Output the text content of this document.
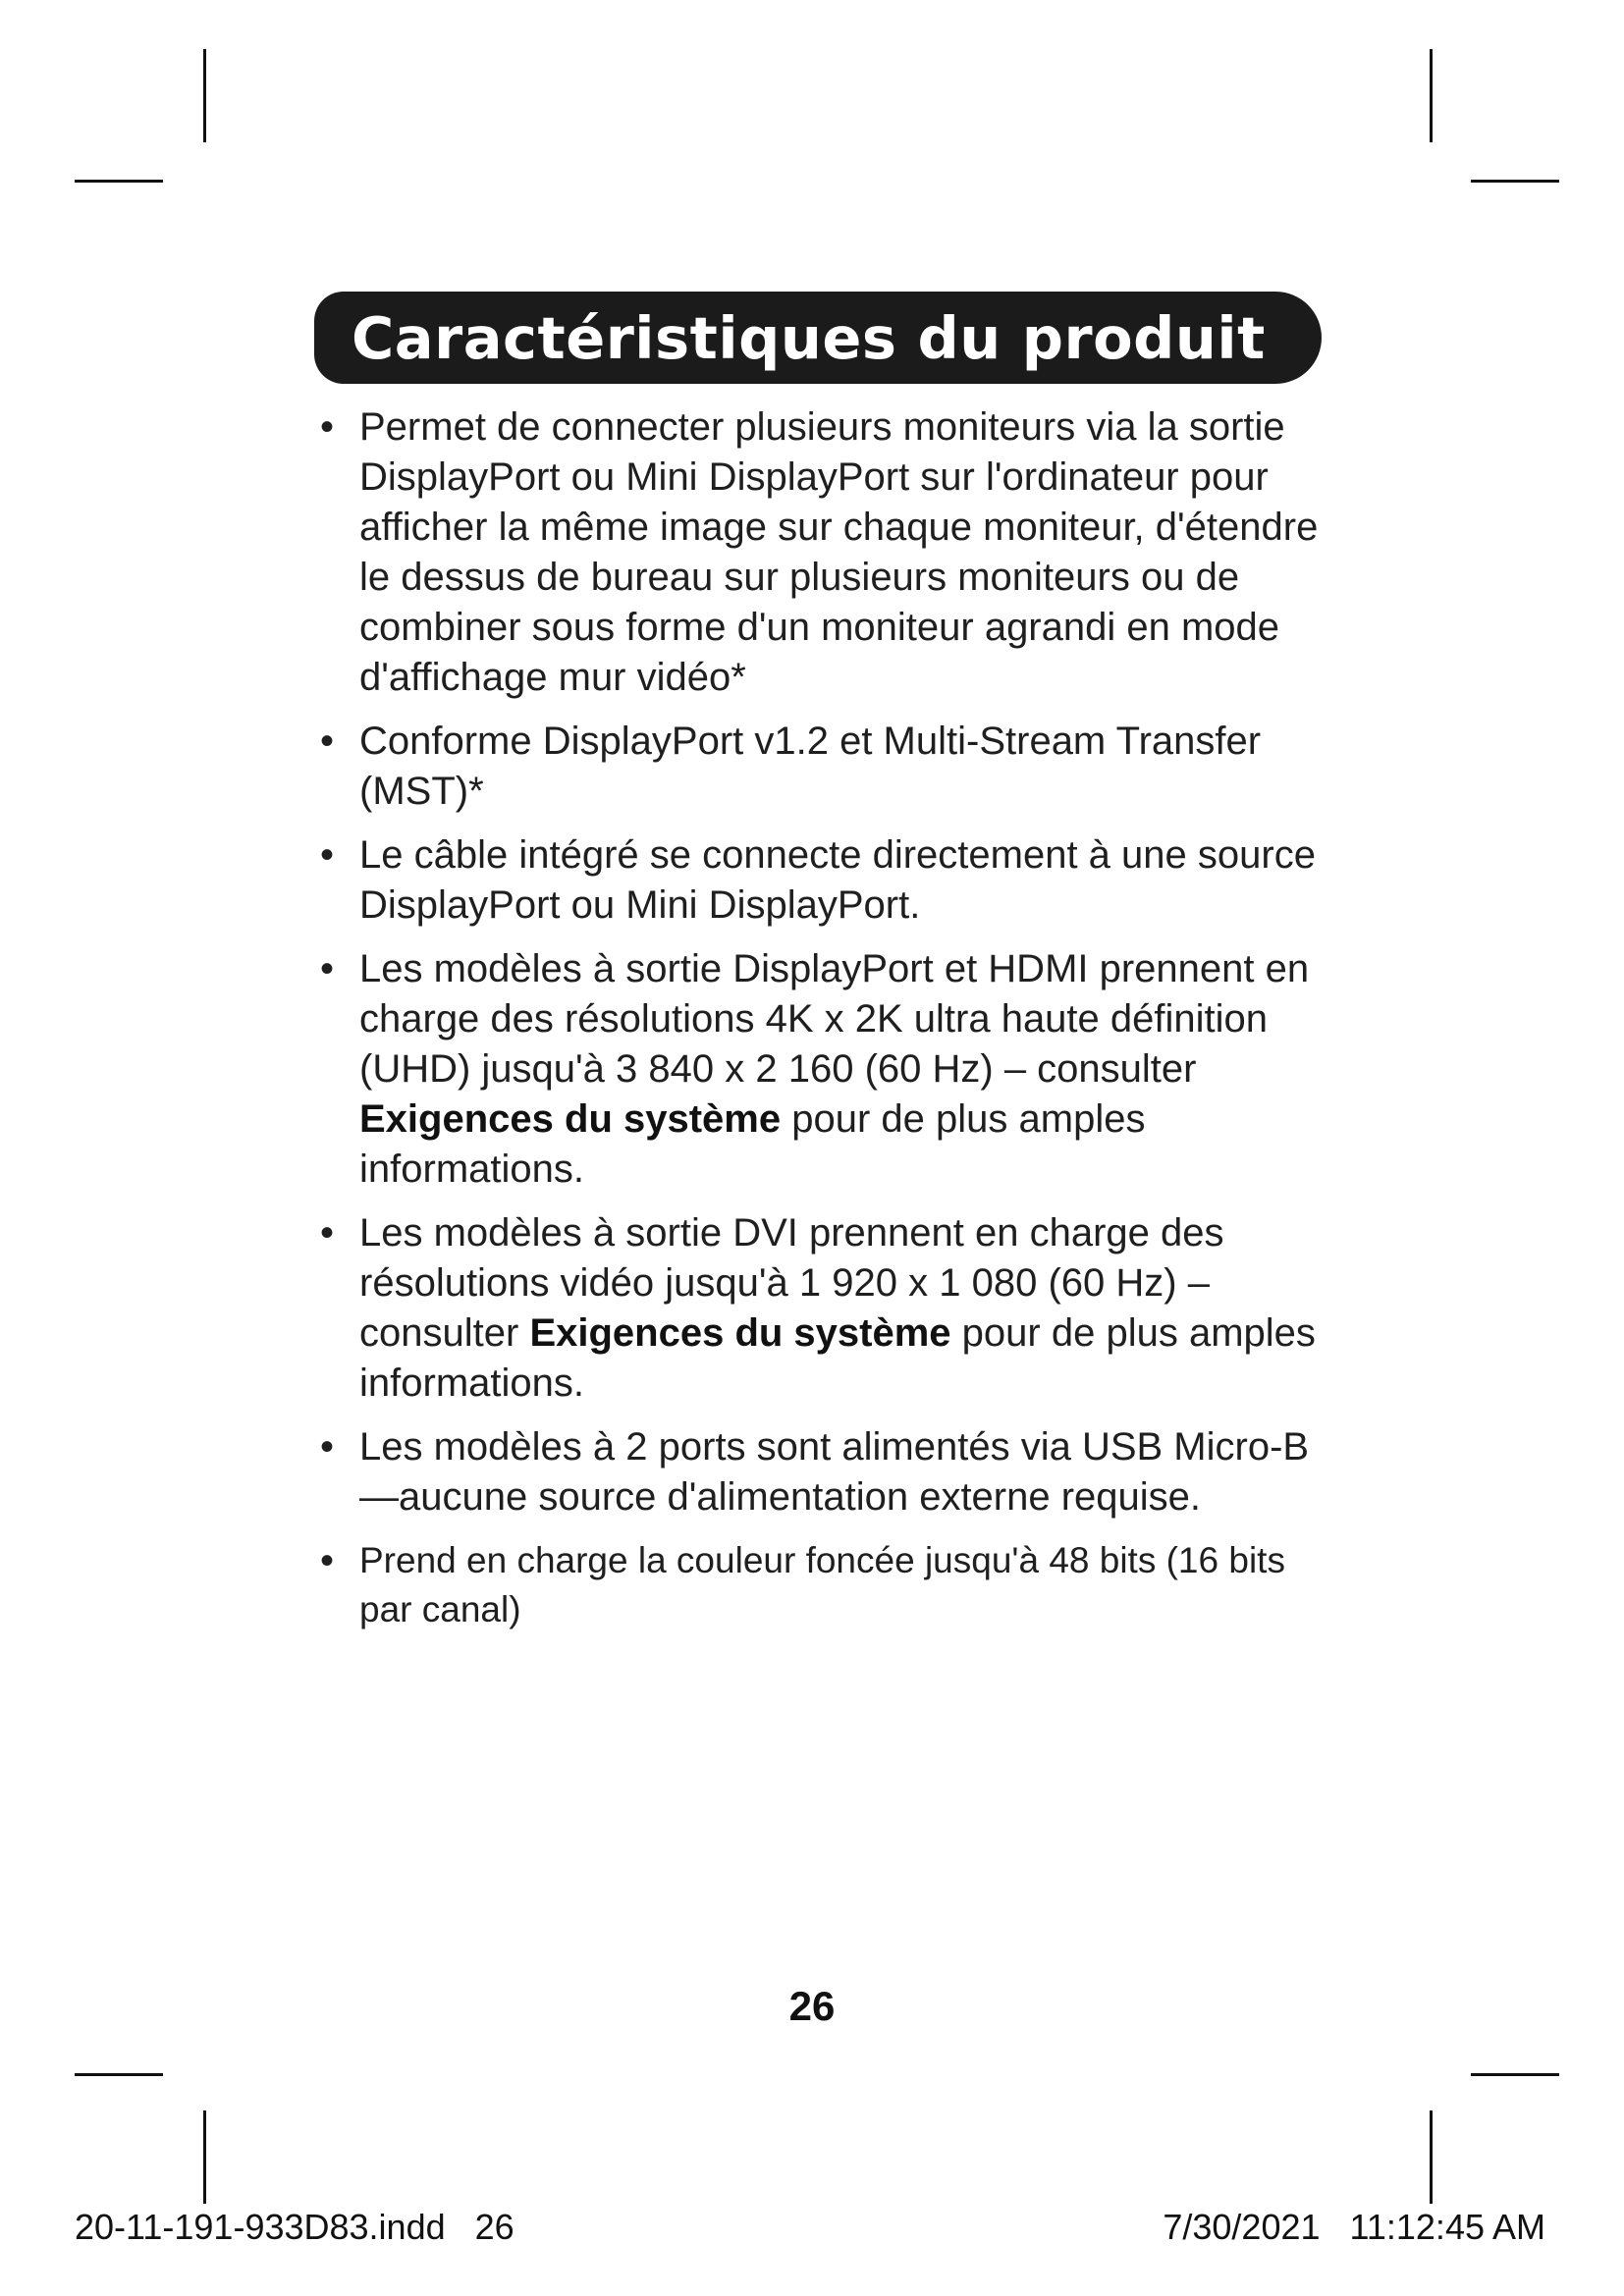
Caractéristiques du produit
• Permet de connecter plusieurs moniteurs via la sortie DisplayPort ou Mini DisplayPort sur l'ordinateur pour afficher la même image sur chaque moniteur, d'étendre le dessus de bureau sur plusieurs moniteurs ou de combiner sous forme d'un moniteur agrandi en mode d'affichage mur vidéo*
• Conforme DisplayPort v1.2 et Multi-Stream Transfer (MST)*
• Le câble intégré se connecte directement à une source DisplayPort ou Mini DisplayPort.
• Les modèles à sortie DisplayPort et HDMI prennent en charge des résolutions 4K x 2K ultra haute définition (UHD) jusqu'à 3 840 x 2 160 (60 Hz) – consulter Exigences du système pour de plus amples informations.
• Les modèles à sortie DVI prennent en charge des résolutions vidéo jusqu'à 1 920 x 1 080 (60 Hz) – consulter Exigences du système pour de plus amples informations.
• Les modèles à 2 ports sont alimentés via USB Micro-B—aucune source d'alimentation externe requise.
• Prend en charge la couleur foncée jusqu'à 48 bits (16 bits par canal)
26
20-11-191-933D83.indd   26	7/30/2021   11:12:45 AM
